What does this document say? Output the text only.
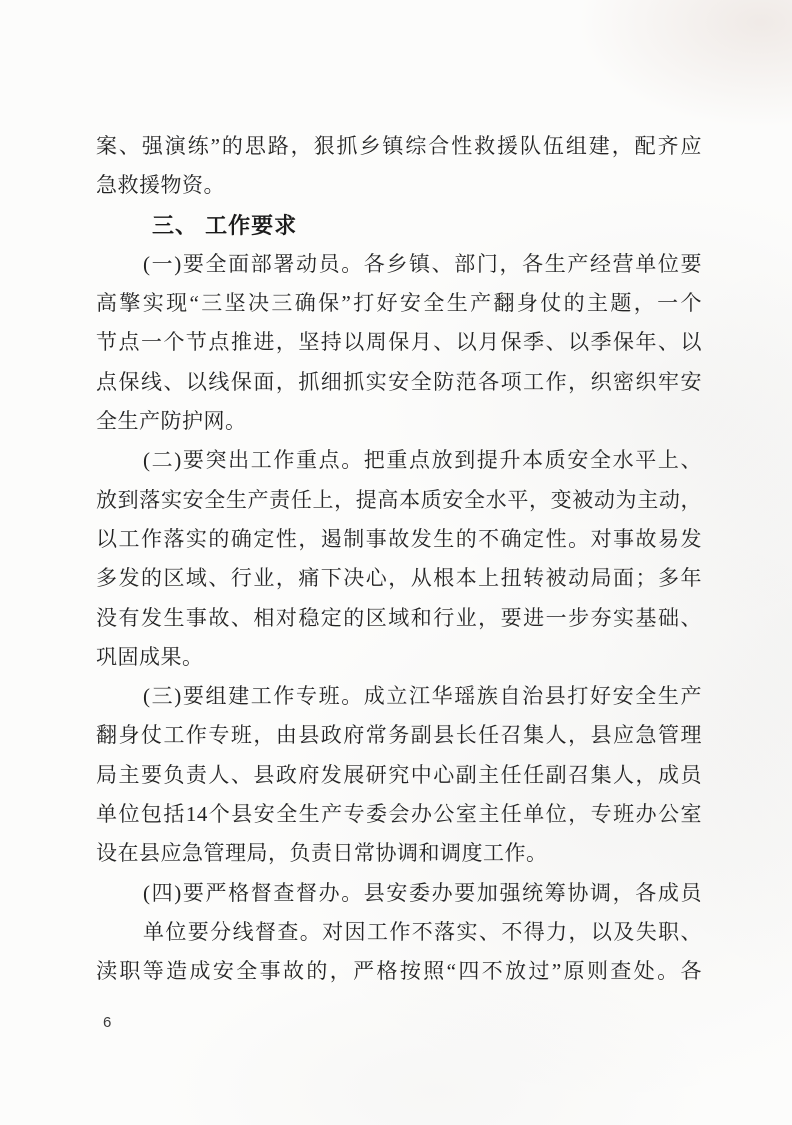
案、强演练”的思路，狠抓乡镇综合性救援队伍组建，配齐应
急救援物资。
三、 工作要求
(一)要全面部署动员。各乡镇、部门，各生产经营单位要
高擎实现“三坚决三确保”打好安全生产翻身仗的主题，一个
节点一个节点推进，坚持以周保月、以月保季、以季保年、以
点保线、以线保面，抓细抓实安全防范各项工作，织密织牢安
全生产防护网。
(二)要突出工作重点。把重点放到提升本质安全水平上、
放到落实安全生产责任上，提高本质安全水平，变被动为主动，
以工作落实的确定性，遏制事故发生的不确定性。对事故易发
多发的区域、行业，痛下决心，从根本上扭转被动局面；多年
没有发生事故、相对稳定的区域和行业，要进一步夯实基础、
巩固成果。
(三)要组建工作专班。成立江华瑶族自治县打好安全生产
翻身仗工作专班，由县政府常务副县长任召集人，县应急管理
局主要负责人、县政府发展研究中心副主任任副召集人，成员
单位包括14个县安全生产专委会办公室主任单位，专班办公室
设在县应急管理局，负责日常协调和调度工作。
(四)要严格督查督办。县安委办要加强统筹协调，各成员
单位要分线督查。对因工作不落实、不得力，以及失职、
渎职等造成安全事故的，严格按照“四不放过”原则查处。各
6
